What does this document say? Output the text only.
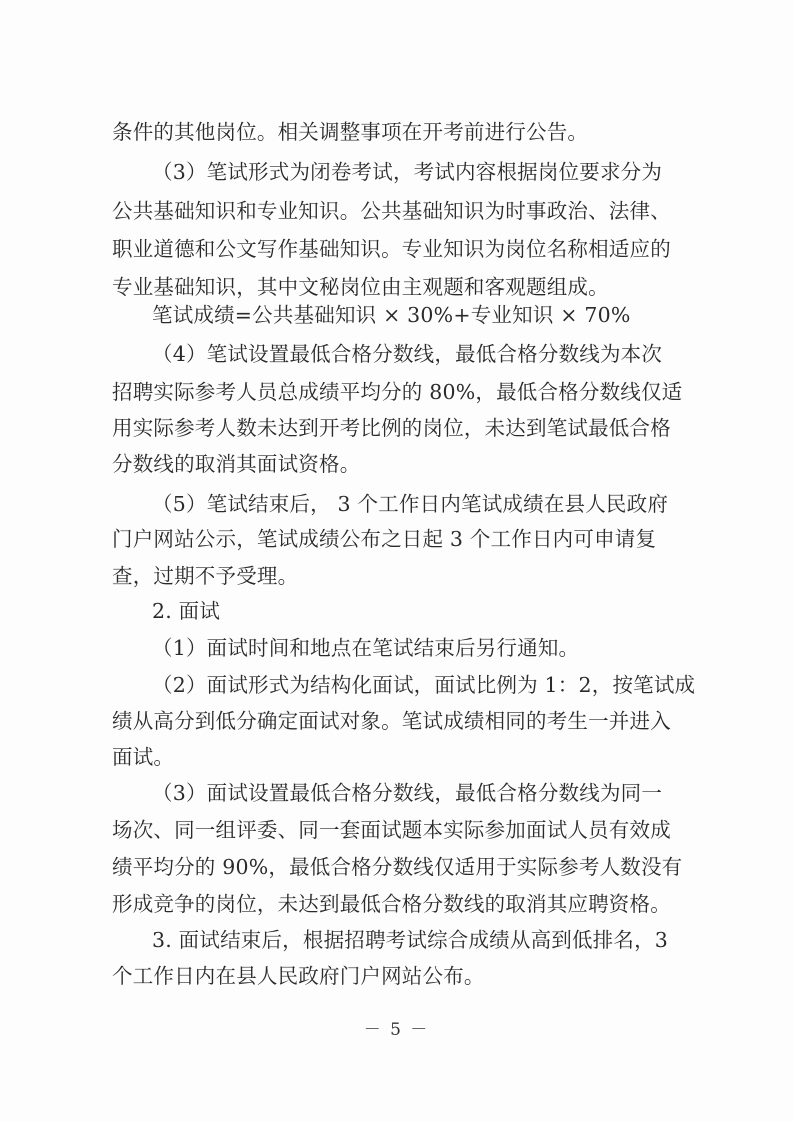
条件的其他岗位。相关调整事项在开考前进行公告。
（3）笔试形式为闭卷考试，考试内容根据岗位要求分为
公共基础知识和专业知识。公共基础知识为时事政治、法律、
职业道德和公文写作基础知识。专业知识为岗位名称相适应的
专业基础知识，其中文秘岗位由主观题和客观题组成。
笔试成绩=公共基础知识 × 30%+专业知识 × 70%
（4）笔试设置最低合格分数线，最低合格分数线为本次
招聘实际参考人员总成绩平均分的 80%，最低合格分数线仅适
用实际参考人数未达到开考比例的岗位，未达到笔试最低合格
分数线的取消其面试资格。
（5）笔试结束后， 3 个工作日内笔试成绩在县人民政府
门户网站公示，笔试成绩公布之日起 3 个工作日内可申请复
查，过期不予受理。
2. 面试
（1）面试时间和地点在笔试结束后另行通知。
（2）面试形式为结构化面试，面试比例为 1：2，按笔试成
绩从高分到低分确定面试对象。笔试成绩相同的考生一并进入
面试。
（3）面试设置最低合格分数线，最低合格分数线为同一
场次、同一组评委、同一套面试题本实际参加面试人员有效成
绩平均分的 90%，最低合格分数线仅适用于实际参考人数没有
形成竞争的岗位，未达到最低合格分数线的取消其应聘资格。
3. 面试结束后，根据招聘考试综合成绩从高到低排名，3
个工作日内在县人民政府门户网站公布。
－ 5 －
